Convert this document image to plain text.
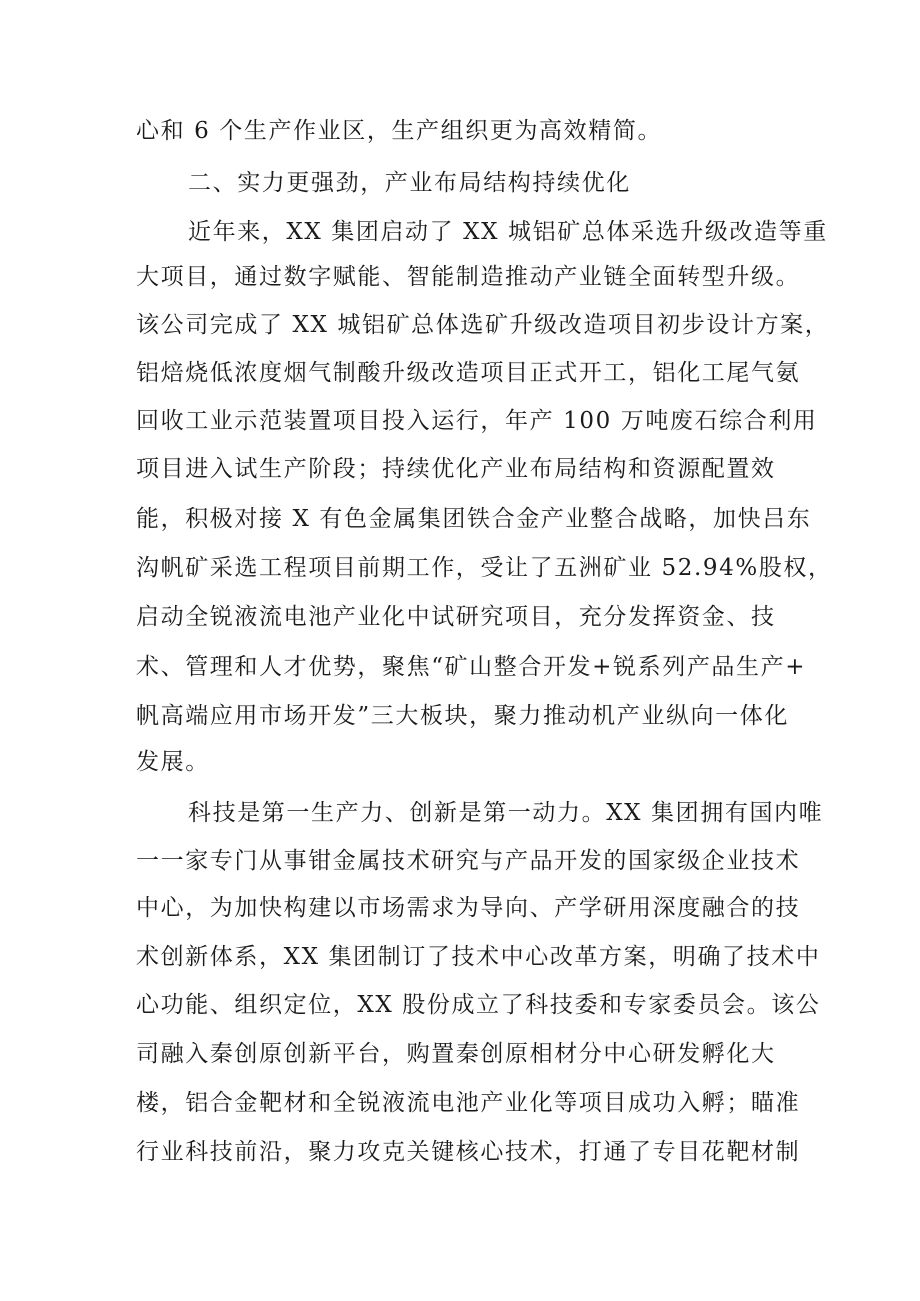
心和 6 个生产作业区，生产组织更为高效精简。
二、实力更强劲，产业布局结构持续优化
近年来，XX 集团启动了 XX 城铝矿总体采选升级改造等重
大项目，通过数字赋能、智能制造推动产业链全面转型升级。
该公司完成了 XX 城铝矿总体选矿升级改造项目初步设计方案，
铝焙烧低浓度烟气制酸升级改造项目正式开工，铝化工尾气氨
回收工业示范装置项目投入运行，年产 100 万吨废石综合利用
项目进入试生产阶段；持续优化产业布局结构和资源配置效
能，积极对接 X 有色金属集团铁合金产业整合战略，加快吕东
沟帆矿采选工程项目前期工作，受让了五洲矿业 52.94%股权，
启动全锐液流电池产业化中试研究项目，充分发挥资金、技
术、管理和人才优势，聚焦“矿山整合开发+锐系列产品生产+
帆高端应用市场开发”三大板块，聚力推动机产业纵向一体化
发展。
科技是第一生产力、创新是第一动力。XX 集团拥有国内唯
一一家专门从事钳金属技术研究与产品开发的国家级企业技术
中心，为加快构建以市场需求为导向、产学研用深度融合的技
术创新体系，XX 集团制订了技术中心改革方案，明确了技术中
心功能、组织定位，XX 股份成立了科技委和专家委员会。该公
司融入秦创原创新平台，购置秦创原相材分中心研发孵化大
楼，铝合金靶材和全锐液流电池产业化等项目成功入孵；瞄准
行业科技前沿，聚力攻克关键核心技术，打通了专目花靶材制
